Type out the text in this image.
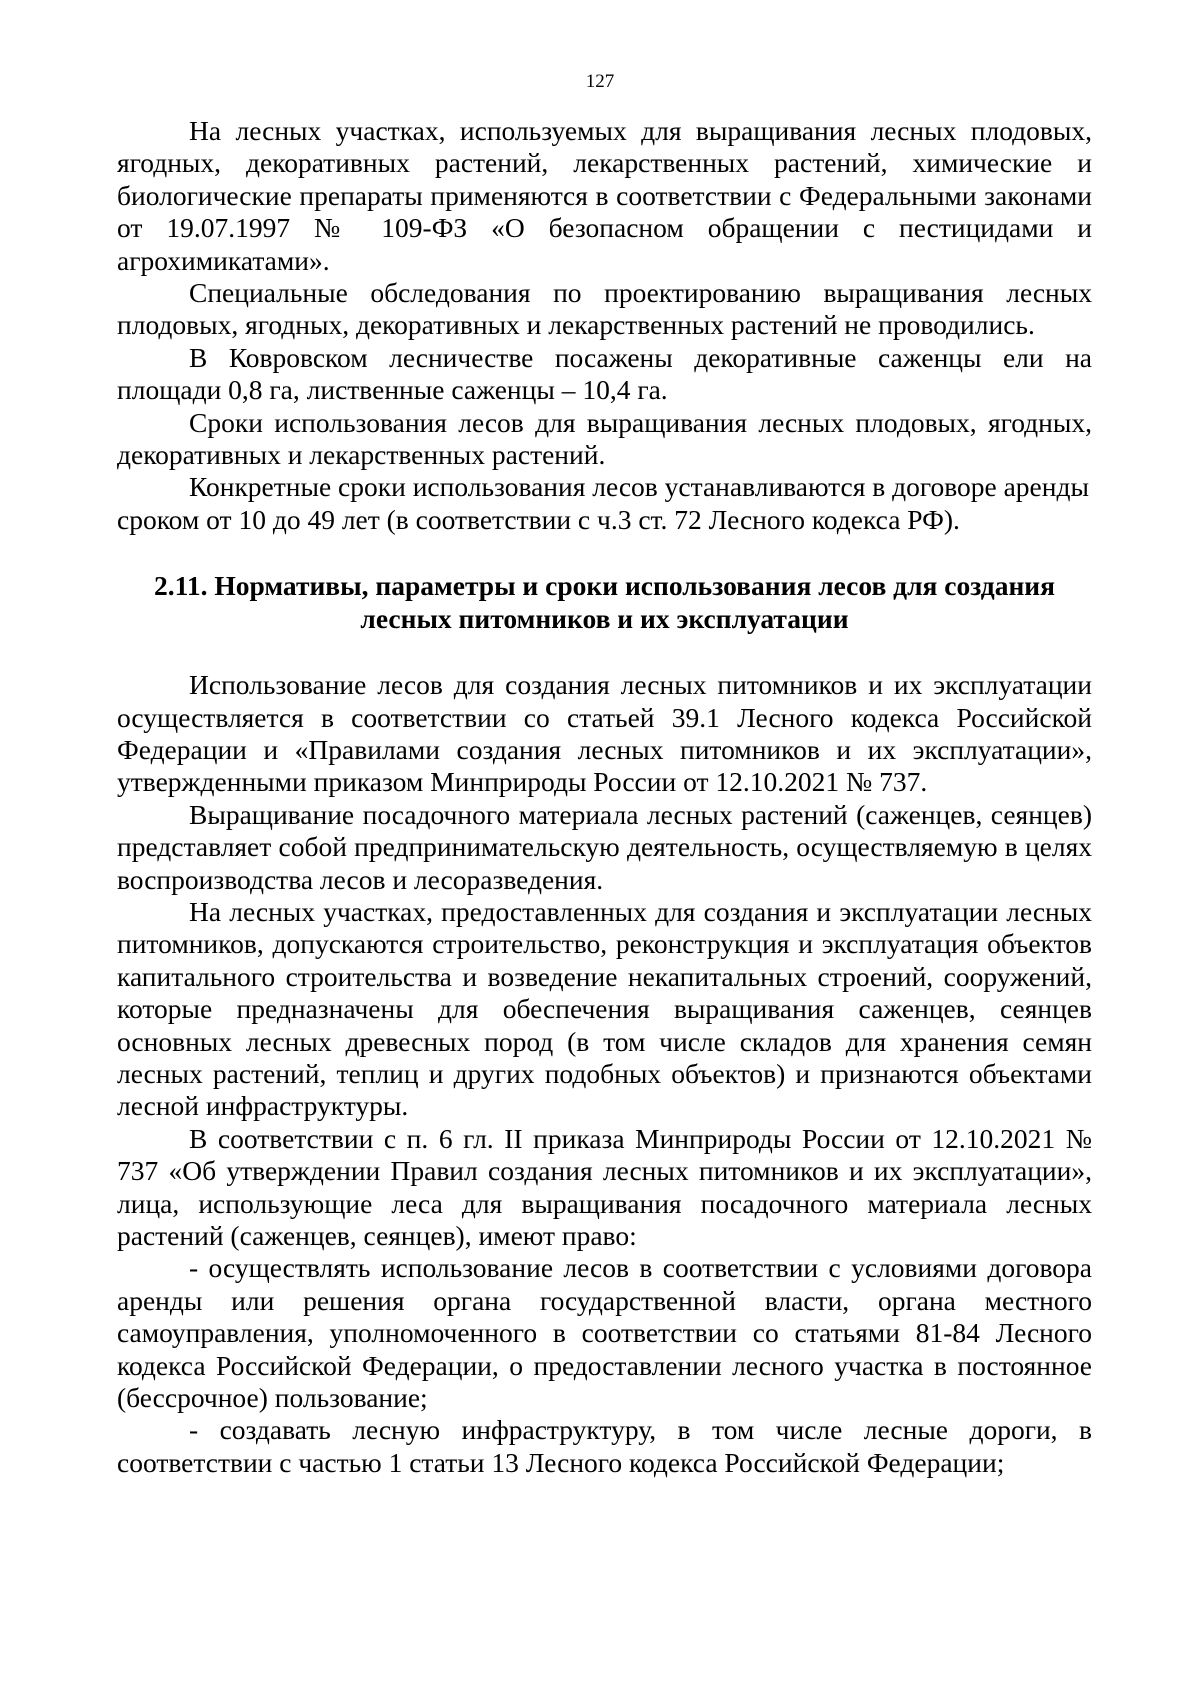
127

На лесных участках, используемых для выращивания лесных плодовых, ягодных, декоративных растений, лекарственных растений, химические и биологические препараты применяются в соответствии с Федеральными законами от 19.07.1997 № 109-ФЗ «О безопасном обращении с пестицидами и агрохимикатами».

Специальные обследования по проектированию выращивания лесных плодовых, ягодных, декоративных и лекарственных растений не проводились.

В Ковровском лесничестве посажены декоративные саженцы ели на площади 0,8 га, лиственные саженцы – 10,4 га.

Сроки использования лесов для выращивания лесных плодовых, ягодных, декоративных и лекарственных растений.

Конкретные сроки использования лесов устанавливаются в договоре аренды сроком от 10 до 49 лет (в соответствии с ч.3 ст. 72 Лесного кодекса РФ).

2.11. Нормативы, параметры и сроки использования лесов для создания

лесных питомников и их эксплуатации

Использование лесов для создания лесных питомников и их эксплуатации осуществляется в соответствии со статьей 39.1 Лесного кодекса Российской Федерации и «Правилами создания лесных питомников и их эксплуатации», утвержденными приказом Минприроды России от 12.10.2021 № 737.

Выращивание посадочного материала лесных растений (саженцев, сеянцев) представляет собой предпринимательскую деятельность, осуществляемую в целях воспроизводства лесов и лесоразведения.

На лесных участках, предоставленных для создания и эксплуатации лесных питомников, допускаются строительство, реконструкция и эксплуатация объектов капитального строительства и возведение некапитальных строений, сооружений, которые предназначены для обеспечения выращивания саженцев, сеянцев основных лесных древесных пород (в том числе складов для хранения семян лесных растений, теплиц и других подобных объектов) и признаются объектами лесной инфраструктуры.

В соответствии с п. 6 гл. II приказа Минприроды России от 12.10.2021 № 737 «Об утверждении Правил создания лесных питомников и их эксплуатации», лица, использующие леса для выращивания посадочного материала лесных растений (саженцев, сеянцев), имеют право:

- осуществлять использование лесов в соответствии с условиями договора аренды или решения органа государственной власти, органа местного самоуправления, уполномоченного в соответствии со статьями 81-84 Лесного кодекса Российской Федерации, о предоставлении лесного участка в постоянное (бессрочное) пользование;

- создавать лесную инфраструктуру, в том числе лесные дороги, в соответствии с частью 1 статьи 13 Лесного кодекса Российской Федерации;
